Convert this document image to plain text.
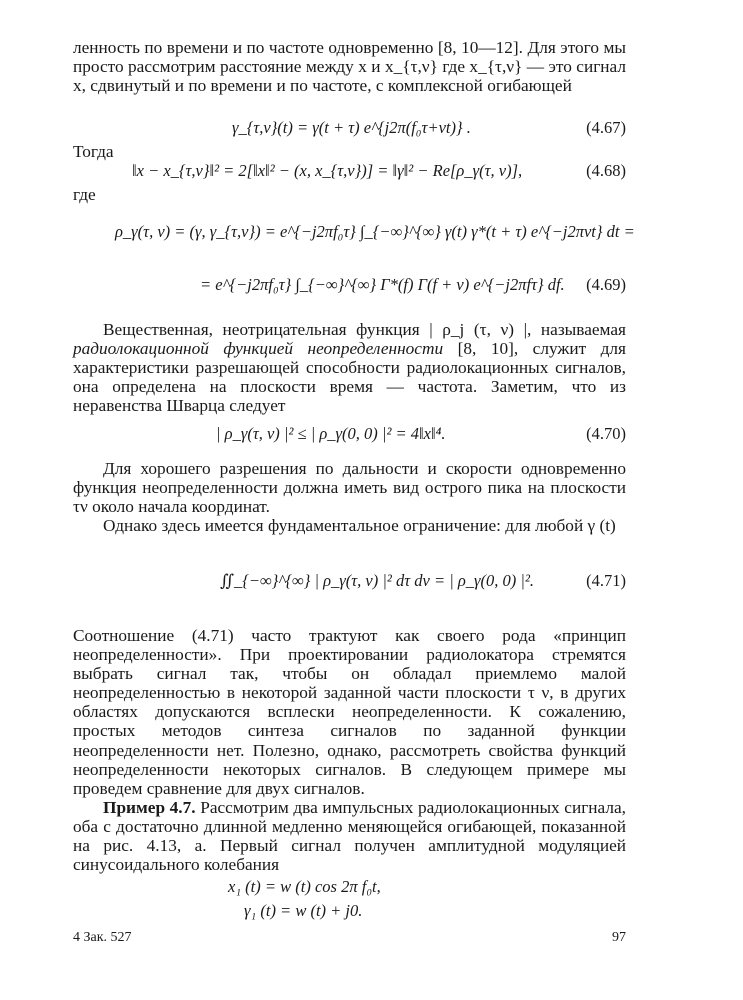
ленность по времени и по частоте одновременно [8, 10—12]. Для этого мы просто рассмотрим расстояние между x и x_{τ,ν} где x_{τ,ν} — это сигнал x, сдвинутый и по времени и по частоте, с комплексной огибающей

γ_{τ,ν}(t) = γ(t + τ) e^{j2π(f₀τ+νt)} .	(4.67)
Тогда
‖x − x_{τ,ν}‖² = 2[‖x‖² − (x, x_{τ,ν})] = ‖γ‖² − Re[ρ_γ(τ, ν)],	(4.68)
где
ρ_γ(τ, ν) = (γ, γ_{τ,ν}) = e^{−j2πf₀τ} ∫_{−∞}^{∞} γ(t) γ*(t + τ) e^{−j2πνt} dt =
= e^{−j2πf₀τ} ∫_{−∞}^{∞} Γ*(f) Γ(f + ν) e^{−j2πfτ} df. (4.69)

Вещественная, неотрицательная функция | ρ_j (τ, ν) |, называемая радиолокационной функцией неопределенности [8, 10], служит для характеристики разрешающей способности радиолокационных сигналов, она определена на плоскости время — частота. Заметим, что из неравенства Шварца следует

| ρ_γ(τ, ν) |² ≤ | ρ_γ(0, 0) |² = 4‖x‖⁴.	(4.70)

Для хорошего разрешения по дальности и скорости одновременно функция неопределенности должна иметь вид острого пика на плоскости τν около начала координат.

Однако здесь имеется фундаментальное ограничение: для любой γ (t)

∬_{−∞}^{∞} | ρ_γ(τ, ν) |² dτ dν = | ρ_γ(0, 0) |².	(4.71)

Соотношение (4.71) часто трактуют как своего рода «принцип неопределенности». При проектировании радиолокатора стремятся выбрать сигнал так, чтобы он обладал приемлемо малой неопределенностью в некоторой заданной части плоскости τ ν, в других областях допускаются всплески неопределенности. К сожалению, простых методов синтеза сигналов по заданной функции неопределенности нет. Полезно, однако, рассмотреть свойства функций неопределенности некоторых сигналов. В следующем примере мы проведем сравнение для двух сигналов.

Пример 4.7. Рассмотрим два импульсных радиолокационных сигнала, оба с достаточно длинной медленно меняющейся огибающей, показанной на рис. 4.13, а. Первый сигнал получен амплитудной модуляцией синусоидального колебания

x₁ (t) = w (t) cos 2π f₀t,
γ₁ (t) = w (t) + j0.
4 Зак. 527	97
